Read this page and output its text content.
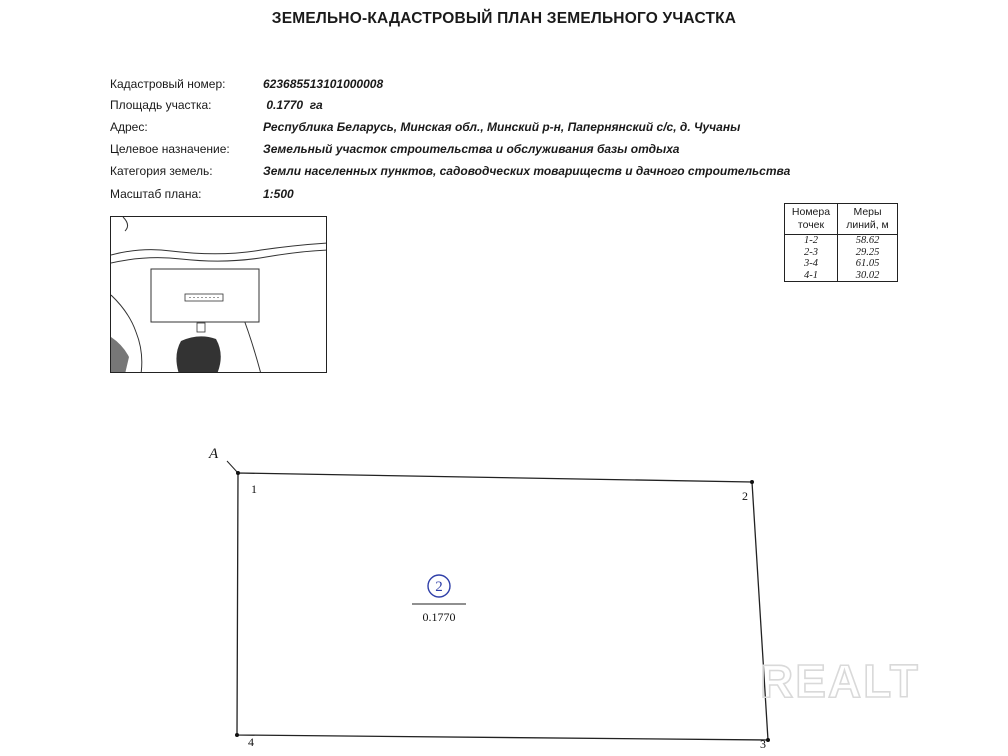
ЗЕМЕЛЬНО-КАДАСТРОВЫЙ ПЛАН ЗЕМЕЛЬНОГО УЧАСТКА
Кадастровый номер:	623685513101000008
Площадь участка:	0.1770  га
Адрес:	Республика Беларусь, Минская обл., Минский р-н, Папернянский с/с, д. Чучаны
Целевое назначение:	Земельный участок строительства и обслуживания базы отдыха
Категория земель:	Земли населенных пунктов, садоводческих товариществ и дачного строительства
Масштаб плана:	1:500
Номера точек	Меры линий, м
1-2	58.62
2-3	29.25
3-4	61.05
4-1	30.02
A
1	2
3
4
2
0.1770
REALT
